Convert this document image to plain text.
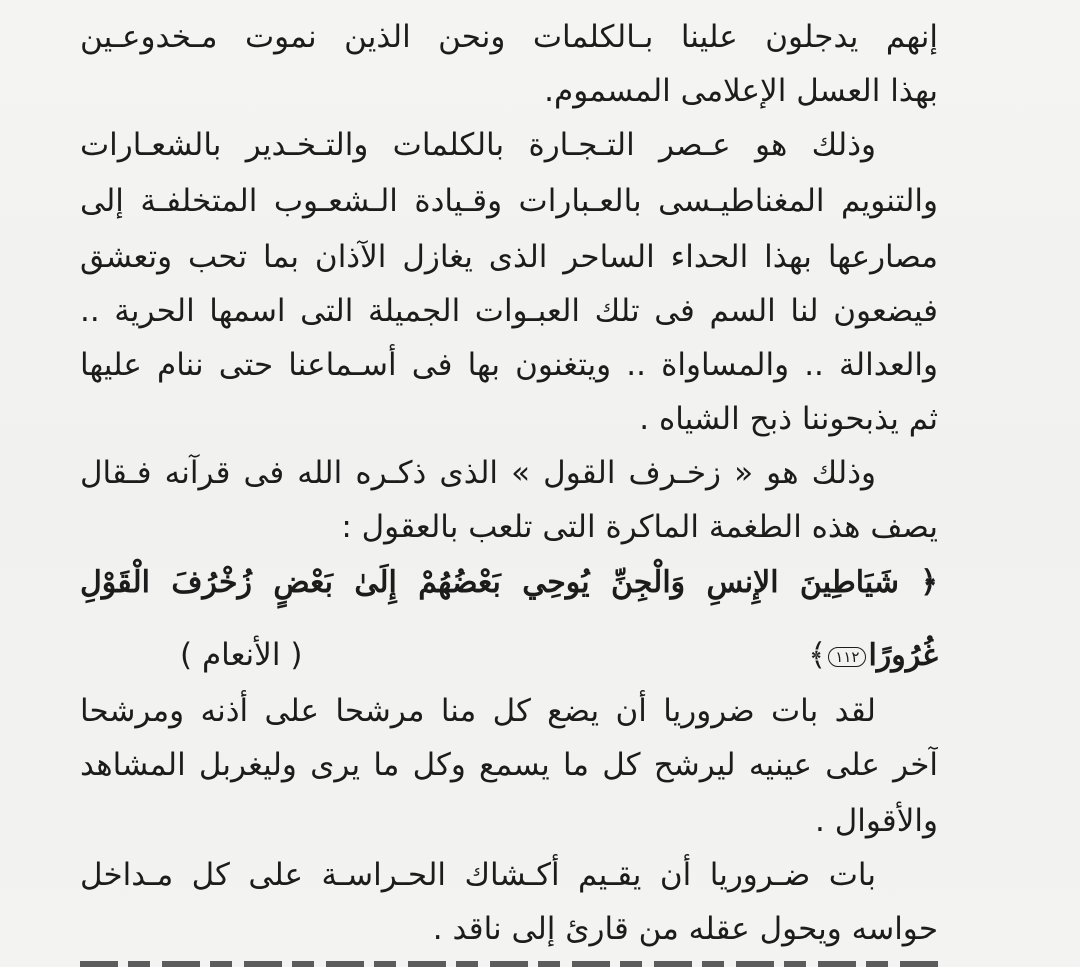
إنهم يدجلون علينا بـالكلمات ونحن الذين نموت مـخدوعـين
بهذا العسل الإعلامى المسموم.
وذلك هو عـصر التـجـارة بالكلمات والتـخـدير بالشعـارات
والتنويم المغناطيـسى بالعـبارات وقـيادة الـشعـوب المتخلفـة إلى
مصارعها بهذا الحداء الساحر الذى يغازل الآذان بما تحب وتعشق
فيضعون لنا السم فى تلك العبـوات الجميلة التى اسمها الحرية ..
والعدالة .. والمساواة .. ويتغنون بها فى أسـماعنا حتى ننام عليها
ثم يذبحوننا ذبح الشياه .
وذلك هو « زخـرف القول » الذى ذكـره الله فى قرآنه فـقال
يصف هذه الطغمة الماكرة التى تلعب بالعقول :
﴿ شَيَاطِينَ الإِنسِ وَالْجِنِّ يُوحِي بَعْضُهُمْ إِلَىٰ بَعْضٍ زُخْرُفَ الْقَوْلِ
غُرُورًا١١٢﴾
( الأنعام )
لقد بات ضروريا أن يضع كل منا مرشحا على أذنه ومرشحا
آخر على عينيه ليرشح كل ما يسمع وكل ما يرى وليغربل المشاهد
والأقوال .
بات ضـروريا أن يقـيم أكـشاك الحـراسـة على كل مـداخل
حواسه ويحول عقله من قارئ إلى ناقد .
